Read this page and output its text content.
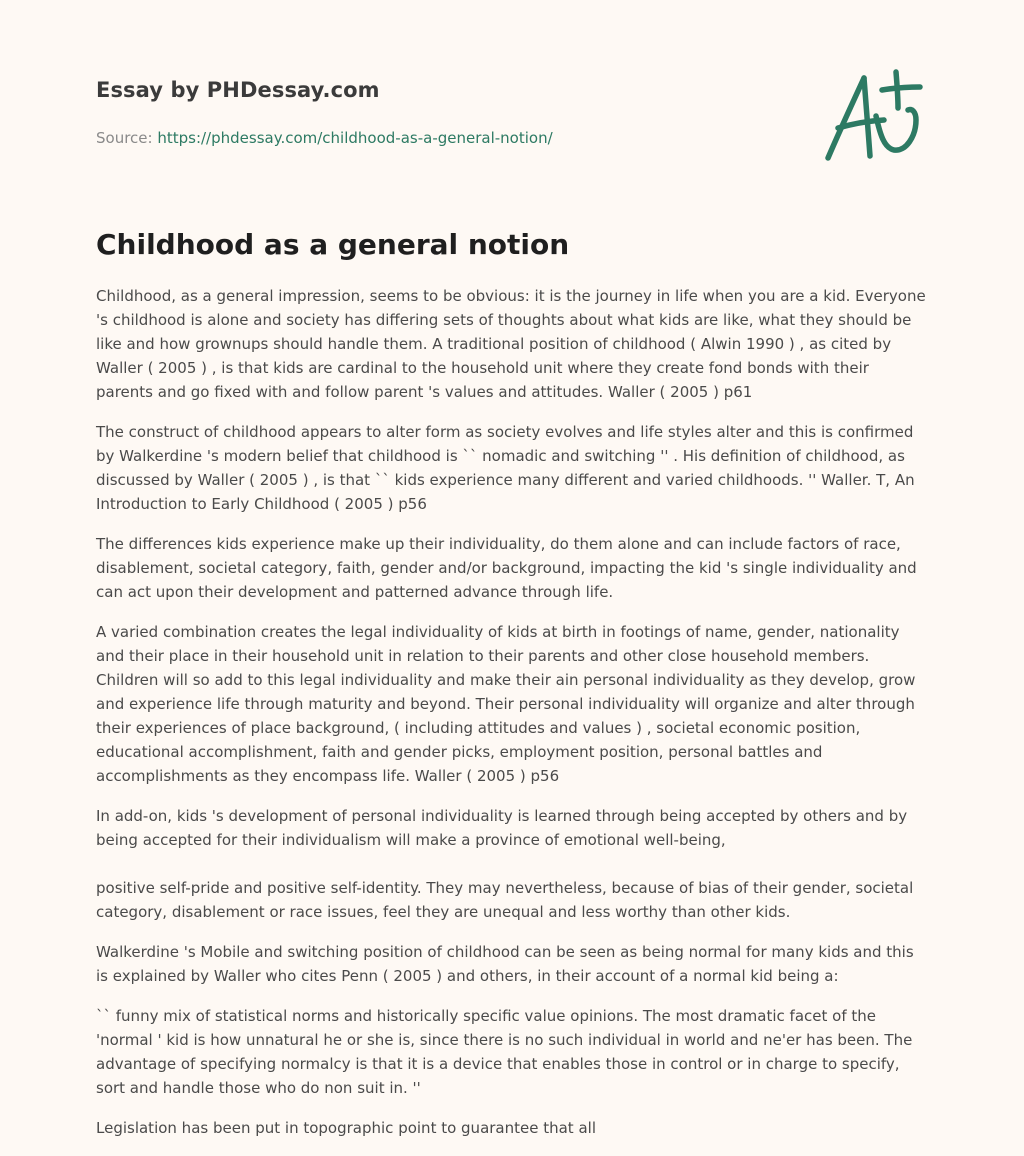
Essay by PHDessay.com
Source: https://phdessay.com/childhood-as-a-general-notion/
Childhood as a general notion

Childhood, as a general impression, seems to be obvious: it is the journey in life when you are a kid. Everyone 's childhood is alone and society has differing sets of thoughts about what kids are like, what they should be like and how grownups should handle them. A traditional position of childhood ( Alwin 1990 ) , as cited by Waller ( 2005 ) , is that kids are cardinal to the household unit where they create fond bonds with their parents and go fixed with and follow parent 's values and attitudes. Waller ( 2005 ) p61

The construct of childhood appears to alter form as society evolves and life styles alter and this is confirmed by Walkerdine 's modern belief that childhood is `` nomadic and switching '' . His definition of childhood, as discussed by Waller ( 2005 ) , is that `` kids experience many different and varied childhoods. '' Waller. T, An Introduction to Early Childhood ( 2005 ) p56

The differences kids experience make up their individuality, do them alone and can include factors of race, disablement, societal category, faith, gender and/or background, impacting the kid 's single individuality and can act upon their development and patterned advance through life.

A varied combination creates the legal individuality of kids at birth in footings of name, gender, nationality and their place in their household unit in relation to their parents and other close household members. Children will so add to this legal individuality and make their ain personal individuality as they develop, grow and experience life through maturity and beyond. Their personal individuality will organize and alter through their experiences of place background, ( including attitudes and values ) , societal economic position, educational accomplishment, faith and gender picks, employment position, personal battles and accomplishments as they encompass life. Waller ( 2005 ) p56

In add-on, kids 's development of personal individuality is learned through being accepted by others and by being accepted for their individualism will make a province of emotional well-being,

positive self-pride and positive self-identity. They may nevertheless, because of bias of their gender, societal category, disablement or race issues, feel they are unequal and less worthy than other kids.

Walkerdine 's Mobile and switching position of childhood can be seen as being normal for many kids and this is explained by Waller who cites Penn ( 2005 ) and others, in their account of a normal kid being a:

`` funny mix of statistical norms and historically specific value opinions. The most dramatic facet of the 'normal ' kid is how unnatural he or she is, since there is no such individual in world and ne'er has been. The advantage of specifying normalcy is that it is a device that enables those in control or in charge to specify, sort and handle those who do non suit in. ''

Legislation has been put in topographic point to guarantee that all
